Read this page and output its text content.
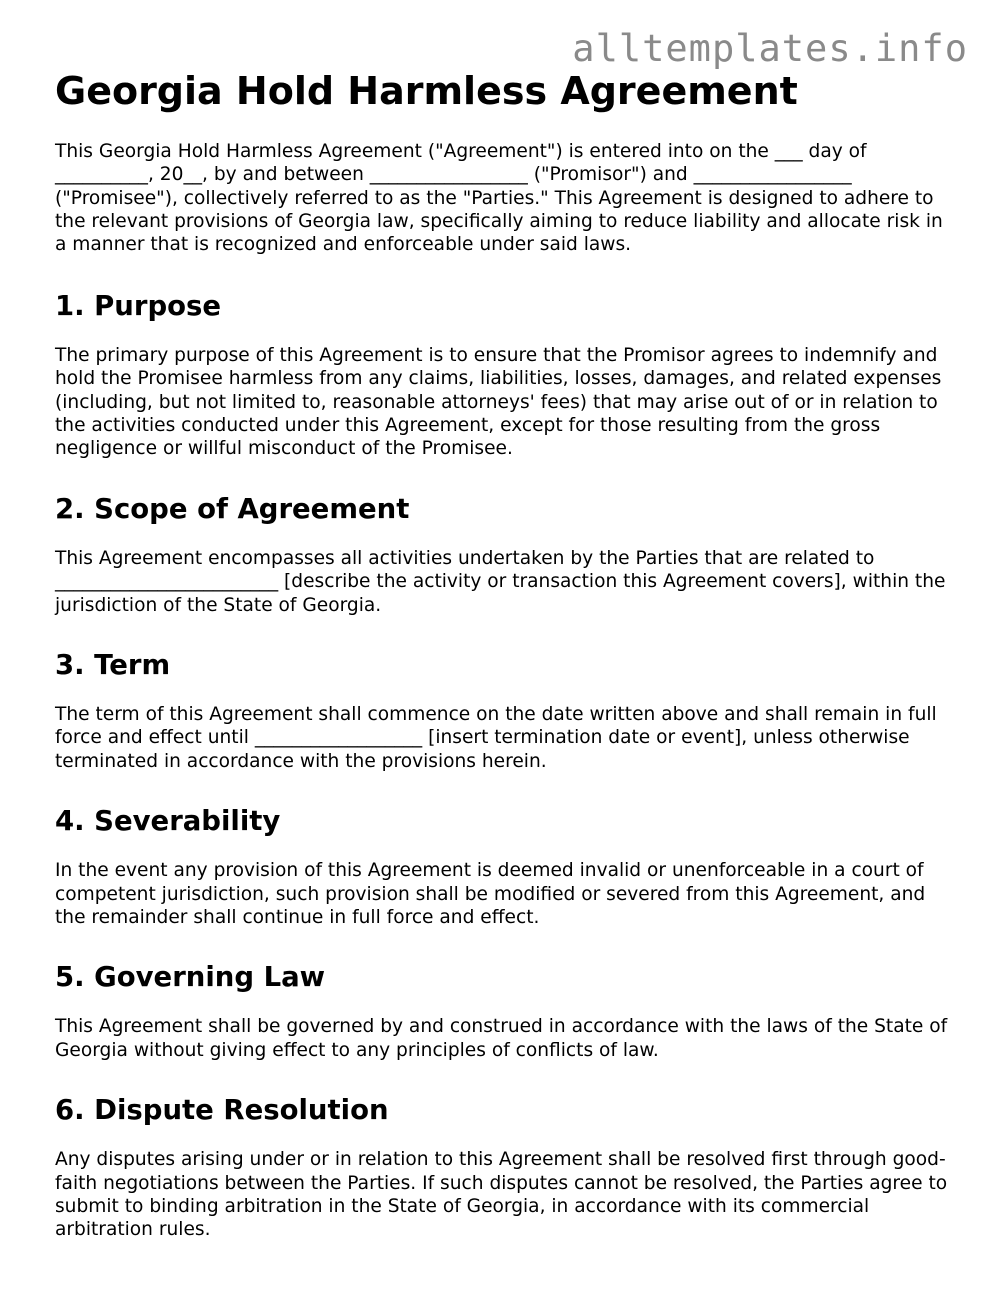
alltemplates.info
Georgia Hold Harmless Agreement

This Georgia Hold Harmless Agreement ("Agreement") is entered into on the ___ day of __________, 20__, by and between _________________ ("Promisor") and _________________ ("Promisee"), collectively referred to as the "Parties." This Agreement is designed to adhere to the relevant provisions of Georgia law, specifically aiming to reduce liability and allocate risk in a manner that is recognized and enforceable under said laws.

1. Purpose

The primary purpose of this Agreement is to ensure that the Promisor agrees to indemnify and hold the Promisee harmless from any claims, liabilities, losses, damages, and related expenses (including, but not limited to, reasonable attorneys' fees) that may arise out of or in relation to the activities conducted under this Agreement, except for those resulting from the gross negligence or willful misconduct of the Promisee.

2. Scope of Agreement

This Agreement encompasses all activities undertaken by the Parties that are related to ________________________ [describe the activity or transaction this Agreement covers], within the jurisdiction of the State of Georgia.

3. Term

The term of this Agreement shall commence on the date written above and shall remain in full force and effect until __________________ [insert termination date or event], unless otherwise terminated in accordance with the provisions herein.

4. Severability

In the event any provision of this Agreement is deemed invalid or unenforceable in a court of competent jurisdiction, such provision shall be modified or severed from this Agreement, and the remainder shall continue in full force and effect.

5. Governing Law

This Agreement shall be governed by and construed in accordance with the laws of the State of Georgia without giving effect to any principles of conflicts of law.

6. Dispute Resolution

Any disputes arising under or in relation to this Agreement shall be resolved first through good-faith negotiations between the Parties. If such disputes cannot be resolved, the Parties agree to submit to binding arbitration in the State of Georgia, in accordance with its commercial arbitration rules.
